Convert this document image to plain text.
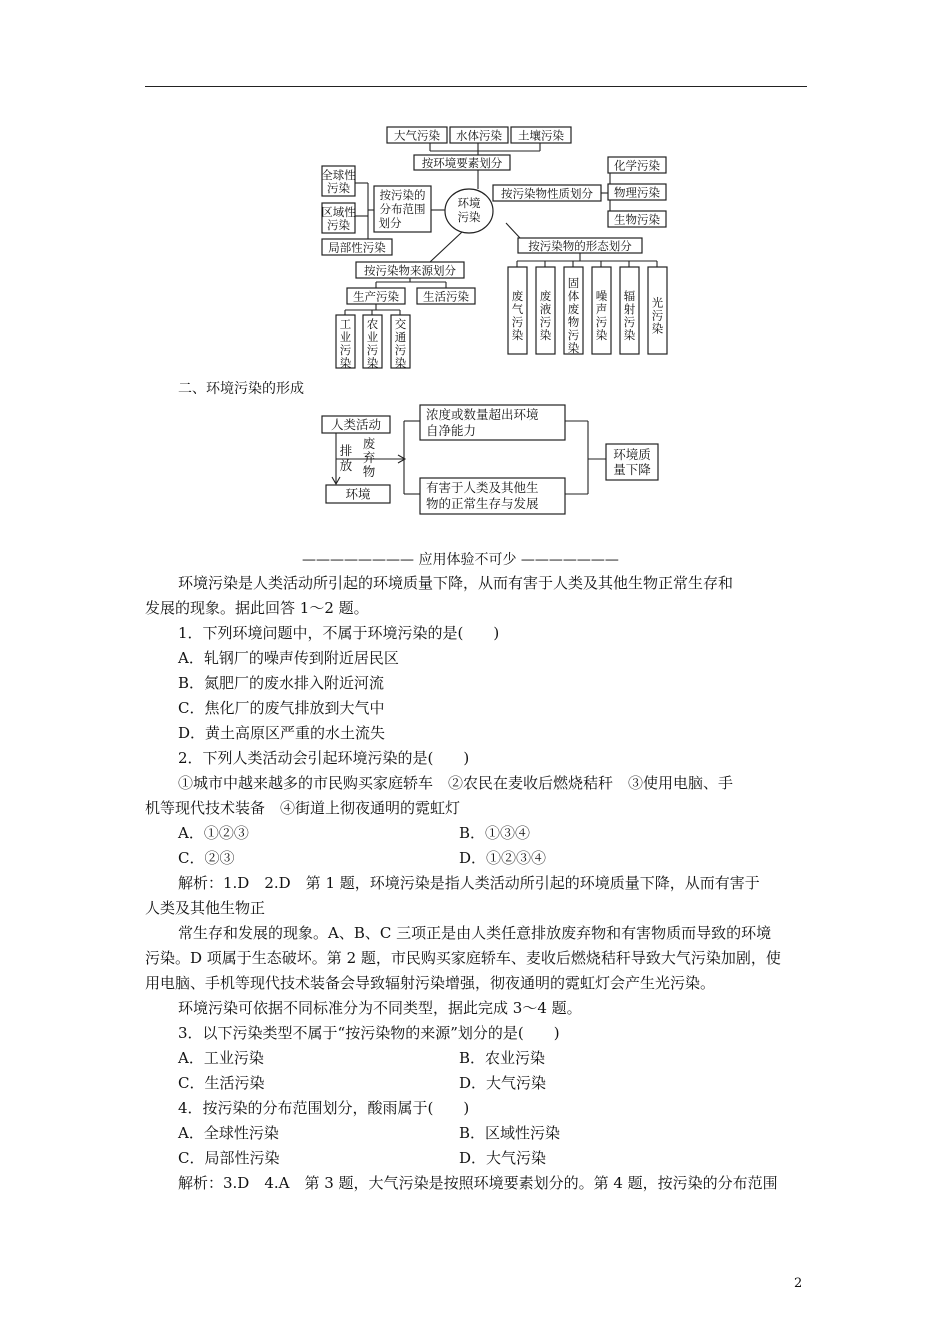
大气污染 水体污染 土壤污染
按环境要素划分
全球性
污染
区域性
污染
局部性污染
按污染的
分布范围
划分
环境
污染
按污染物性质划分
化学污染
物理污染
生物污染
按污染物的形态划分
废
气
污
染
废
液
污
染
固
体
废
物
污
染
噪
声
污
染
辐
射
污
染
光
污
染
按污染物来源划分
生产污染 生活污染
工
业
污
染
农
业
污
染
交
通
污
染
人类活动
排
放
废
弃
物
环境
浓度或数量超出环境
自净能力
有害于人类及其他生
物的正常生存与发展
环境质
量下降
二、环境污染的形成
———————— 应用体验不可少 ———————
环境污染是人类活动所引起的环境质量下降，从而有害于人类及其他生物正常生存和
发展的现象。据此回答 1～2 题。
1．下列环境问题中，不属于环境污染的是(　　)
A．轧钢厂的噪声传到附近居民区
B．氮肥厂的废水排入附近河流
C．焦化厂的废气排放到大气中
D．黄土高原区严重的水土流失
2．下列人类活动会引起环境污染的是(　　)
①城市中越来越多的市民购买家庭轿车　②农民在麦收后燃烧秸秆　③使用电脑、手
机等现代技术装备　④街道上彻夜通明的霓虹灯
A．①②③	B．①③④
C．②③	D．①②③④
解析：1.D　2.D　第 1 题，环境污染是指人类活动所引起的环境质量下降，从而有害于
人类及其他生物正
常生存和发展的现象。A、B、C 三项正是由人类任意排放废弃物和有害物质而导致的环境
污染。D 项属于生态破坏。第 2 题，市民购买家庭轿车、麦收后燃烧秸秆导致大气污染加剧，使
用电脑、手机等现代技术装备会导致辐射污染增强，彻夜通明的霓虹灯会产生光污染。
环境污染可依据不同标准分为不同类型，据此完成 3～4 题。
3．以下污染类型不属于“按污染物的来源”划分的是(　　)
A．工业污染	B．农业污染
C．生活污染	D．大气污染
4．按污染的分布范围划分，酸雨属于(　　)
A．全球性污染	B．区域性污染
C．局部性污染	D．大气污染
解析：3.D　4.A　第 3 题，大气污染是按照环境要素划分的。第 4 题，按污染的分布范围
2
